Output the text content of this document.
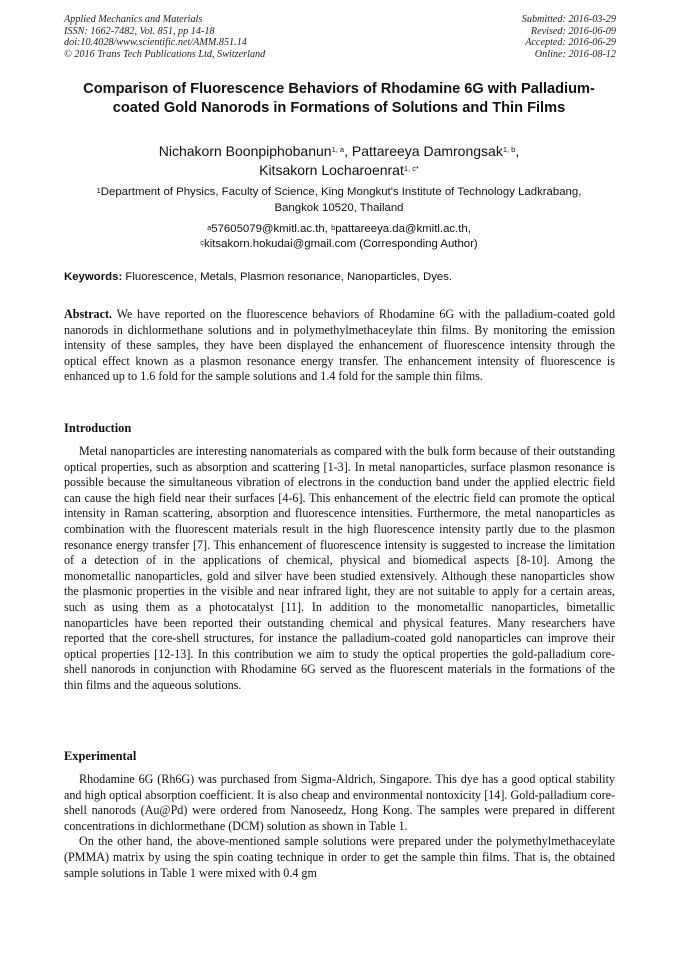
Applied Mechanics and Materials
ISSN: 1662-7482, Vol. 851, pp 14-18
doi:10.4028/www.scientific.net/AMM.851.14
© 2016 Trans Tech Publications Ltd, Switzerland
Submitted: 2016-03-29
Revised: 2016-06-09
Accepted: 2016-06-29
Online: 2016-08-12
Comparison of Fluorescence Behaviors of Rhodamine 6G with Palladium-coated Gold Nanorods in Formations of Solutions and Thin Films
Nichakorn Boonpiphobanun$^{1, a}$, Pattareeya Damrongsak$^{1, b}$,
Kitsakorn Locharoenrat$^{1, c*}$
$^1$Department of Physics, Faculty of Science, King Mongkut's Institute of Technology Ladkrabang, Bangkok 10520, Thailand
$^a$57605079@kmitl.ac.th, $^b$pattareeya.da@kmitl.ac.th,
$^c$kitsakorn.hokudai@gmail.com (Corresponding Author)
Keywords: Fluorescence, Metals, Plasmon resonance, Nanoparticles, Dyes.
Abstract. We have reported on the fluorescence behaviors of Rhodamine 6G with the palladium-coated gold nanorods in dichlormethane solutions and in polymethylmethaceylate thin films. By monitoring the emission intensity of these samples, they have been displayed the enhancement of fluorescence intensity through the optical effect known as a plasmon resonance energy transfer. The enhancement intensity of fluorescence is enhanced up to 1.6 fold for the sample solutions and 1.4 fold for the sample thin films.
Introduction

Metal nanoparticles are interesting nanomaterials as compared with the bulk form because of their outstanding optical properties, such as absorption and scattering [1-3]. In metal nanoparticles, surface plasmon resonance is possible because the simultaneous vibration of electrons in the conduction band under the applied electric field can cause the high field near their surfaces [4-6]. This enhancement of the electric field can promote the optical intensity in Raman scattering, absorption and fluorescence intensities. Furthermore, the metal nanoparticles as combination with the fluorescent materials result in the high fluorescence intensity partly due to the plasmon resonance energy transfer [7]. This enhancement of fluorescence intensity is suggested to increase the limitation of a detection of in the applications of chemical, physical and biomedical aspects [8-10]. Among the monometallic nanoparticles, gold and silver have been studied extensively. Although these nanoparticles show the plasmonic properties in the visible and near infrared light, they are not suitable to apply for a certain areas, such as using them as a photocatalyst [11]. In addition to the monometallic nanoparticles, bimetallic nanoparticles have been reported their outstanding chemical and physical features. Many researchers have reported that the core-shell structures, for instance the palladium-coated gold nanoparticles can improve their optical properties [12-13]. In this contribution we aim to study the optical properties the gold-palladium core-shell nanorods in conjunction with Rhodamine 6G served as the fluorescent materials in the formations of the thin films and the aqueous solutions.

Experimental

Rhodamine 6G (Rh6G) was purchased from Sigma-Aldrich, Singapore. This dye has a good optical stability and high optical absorption coefficient. It is also cheap and environmental nontoxicity [14]. Gold-palladium core-shell nanorods (Au@Pd) were ordered from Nanoseedz, Hong Kong. The samples were prepared in different concentrations in dichlormethane (DCM) solution as shown in Table 1.

On the other hand, the above-mentioned sample solutions were prepared under the polymethylmethaceylate (PMMA) matrix by using the spin coating technique in order to get the sample thin films. That is, the obtained sample solutions in Table 1 were mixed with 0.4 gm
